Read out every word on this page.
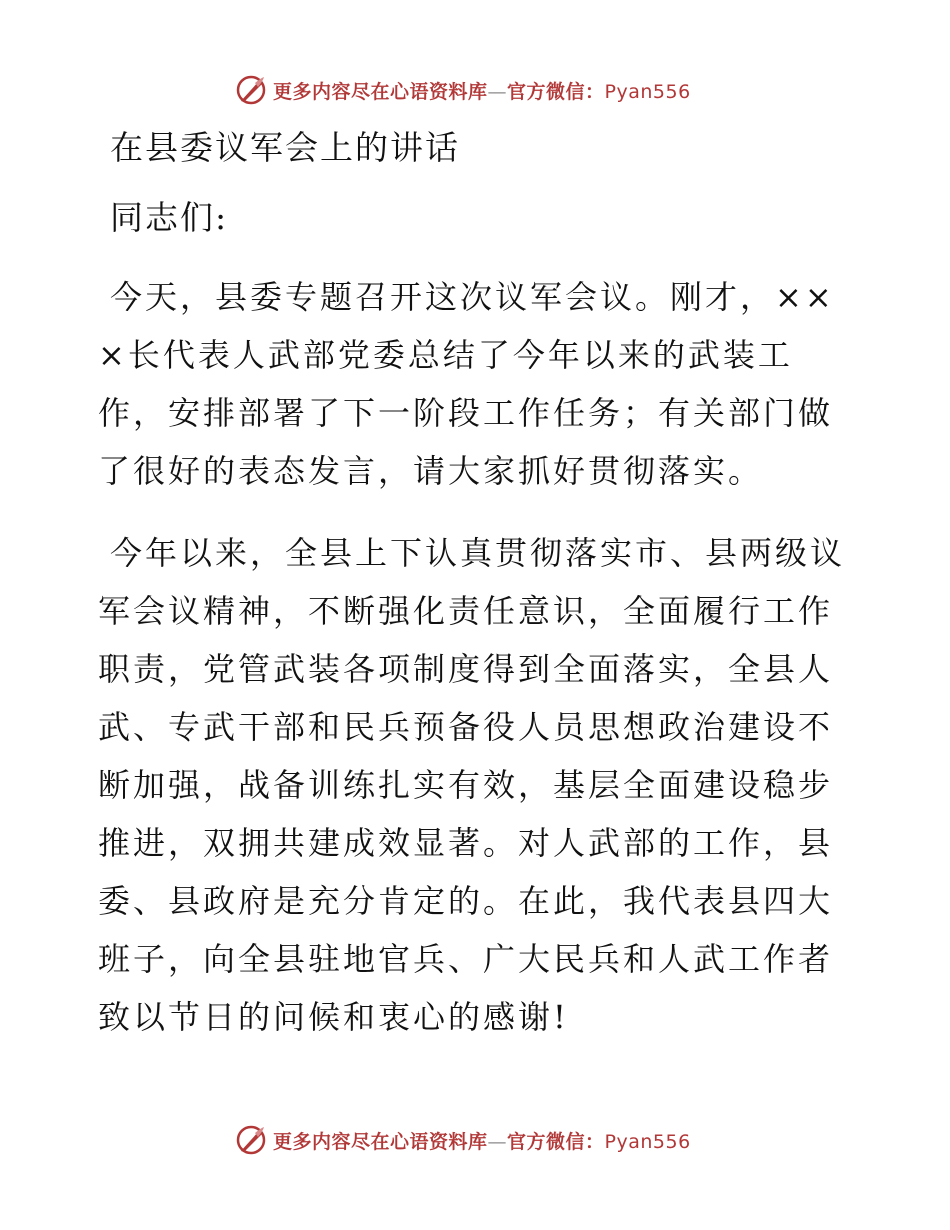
更多内容尽在心语资料库—官方微信：Pyan556
在县委议军会上的讲话

同志们:

今天，县委专题召开这次议军会议。刚才，×××长代表人武部党委总结了今年以来的武装工作，安排部署了下一阶段工作任务；有关部门做了很好的表态发言，请大家抓好贯彻落实。

今年以来，全县上下认真贯彻落实市、县两级议军会议精神，不断强化责任意识，全面履行工作职责，党管武装各项制度得到全面落实，全县人武、专武干部和民兵预备役人员思想政治建设不断加强，战备训练扎实有效，基层全面建设稳步推进，双拥共建成效显著。对人武部的工作，县委、县政府是充分肯定的。在此，我代表县四大班子，向全县驻地官兵、广大民兵和人武工作者致以节日的问候和衷心的感谢!

更多内容尽在心语资料库—官方微信：Pyan556
